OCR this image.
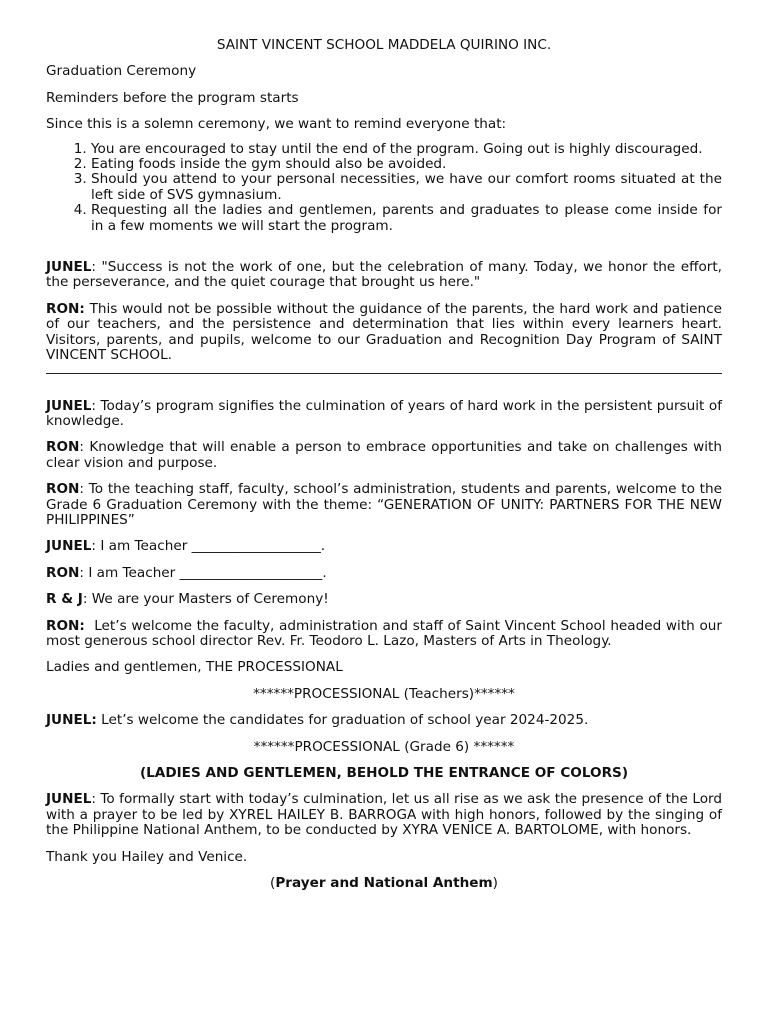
SAINT VINCENT SCHOOL MADDELA QUIRINO INC.

Graduation Ceremony

Reminders before the program starts

Since this is a solemn ceremony, we want to remind everyone that:

1. You are encouraged to stay until the end of the program. Going out is highly discouraged.
2. Eating foods inside the gym should also be avoided.
3. Should you attend to your personal necessities, we have our comfort rooms situated at the left side of SVS gymnasium.
4. Requesting all the ladies and gentlemen, parents and graduates to please come inside for in a few moments we will start the program.

JUNEL: "Success is not the work of one, but the celebration of many. Today, we honor the effort, the perseverance, and the quiet courage that brought us here."

RON: This would not be possible without the guidance of the parents, the hard work and patience of our teachers, and the persistence and determination that lies within every learners heart. Visitors, parents, and pupils, welcome to our Graduation and Recognition Day Program of SAINT VINCENT SCHOOL.

JUNEL: Today’s program signifies the culmination of years of hard work in the persistent pursuit of knowledge.

RON: Knowledge that will enable a person to embrace opportunities and take on challenges with clear vision and purpose.

RON: To the teaching staff, faculty, school’s administration, students and parents, welcome to the Grade 6 Graduation Ceremony with the theme: “GENERATION OF UNITY: PARTNERS FOR THE NEW PHILIPPINES”

JUNEL: I am Teacher ___________________.

RON: I am Teacher _____________________.

R & J: We are your Masters of Ceremony!

RON: Let’s welcome the faculty, administration and staff of Saint Vincent School headed with our most generous school director Rev. Fr. Teodoro L. Lazo, Masters of Arts in Theology.

Ladies and gentlemen, THE PROCESSIONAL

******PROCESSIONAL (Teachers)******

JUNEL: Let’s welcome the candidates for graduation of school year 2024-2025.

******PROCESSIONAL (Grade 6) ******

(LADIES AND GENTLEMEN, BEHOLD THE ENTRANCE OF COLORS)

JUNEL: To formally start with today’s culmination, let us all rise as we ask the presence of the Lord with a prayer to be led by XYREL HAILEY B. BARROGA with high honors, followed by the singing of the Philippine National Anthem, to be conducted by XYRA VENICE A. BARTOLOME, with honors.

Thank you Hailey and Venice.

(Prayer and National Anthem)
